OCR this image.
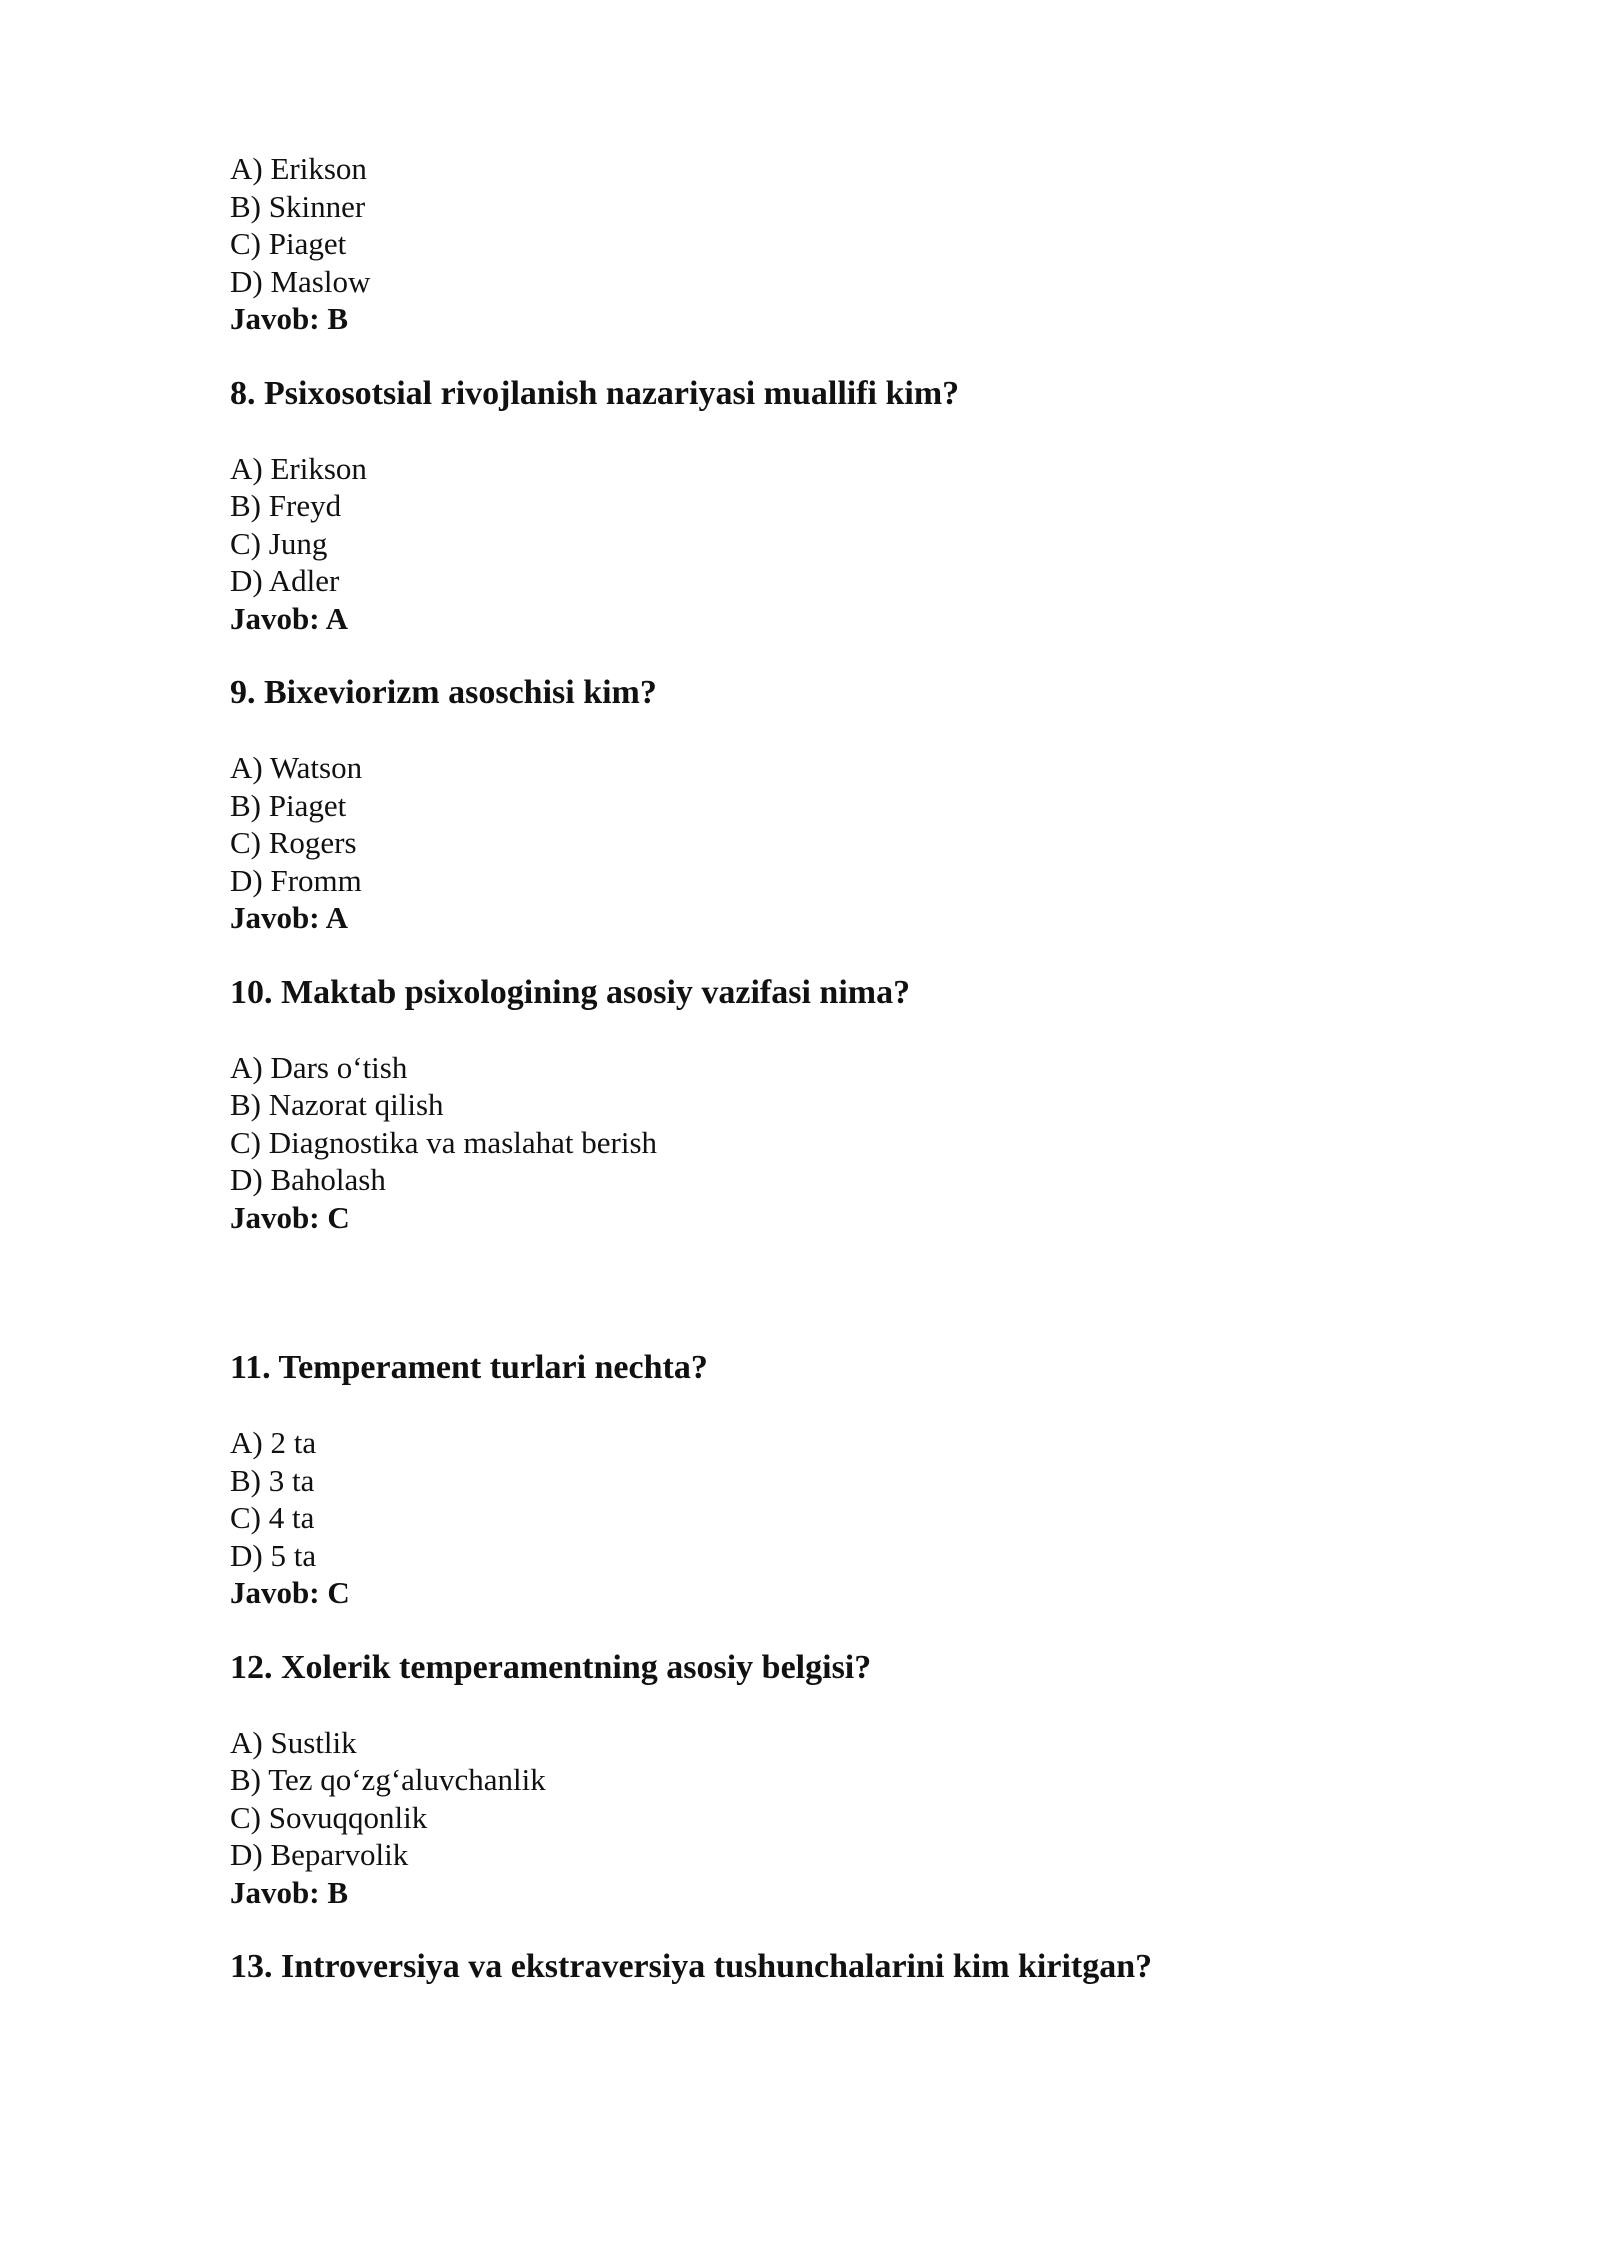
A) Erikson
B) Skinner
C) Piaget
D) Maslow
Javob: B
8. Psixosotsial rivojlanish nazariyasi muallifi kim?
A) Erikson
B) Freyd
C) Jung
D) Adler
Javob: A
9. Bixeviorizm asoschisi kim?
A) Watson
B) Piaget
C) Rogers
D) Fromm
Javob: A
10. Maktab psixologining asosiy vazifasi nima?
A) Dars o‘tish
B) Nazorat qilish
C) Diagnostika va maslahat berish
D) Baholash
Javob: C
11. Temperament turlari nechta?
A) 2 ta
B) 3 ta
C) 4 ta
D) 5 ta
Javob: C
12. Xolerik temperamentning asosiy belgisi?
A) Sustlik
B) Tez qo‘zg‘aluvchanlik
C) Sovuqqonlik
D) Beparvolik
Javob: B
13. Introversiya va ekstraversiya tushunchalarini kim kiritgan?
